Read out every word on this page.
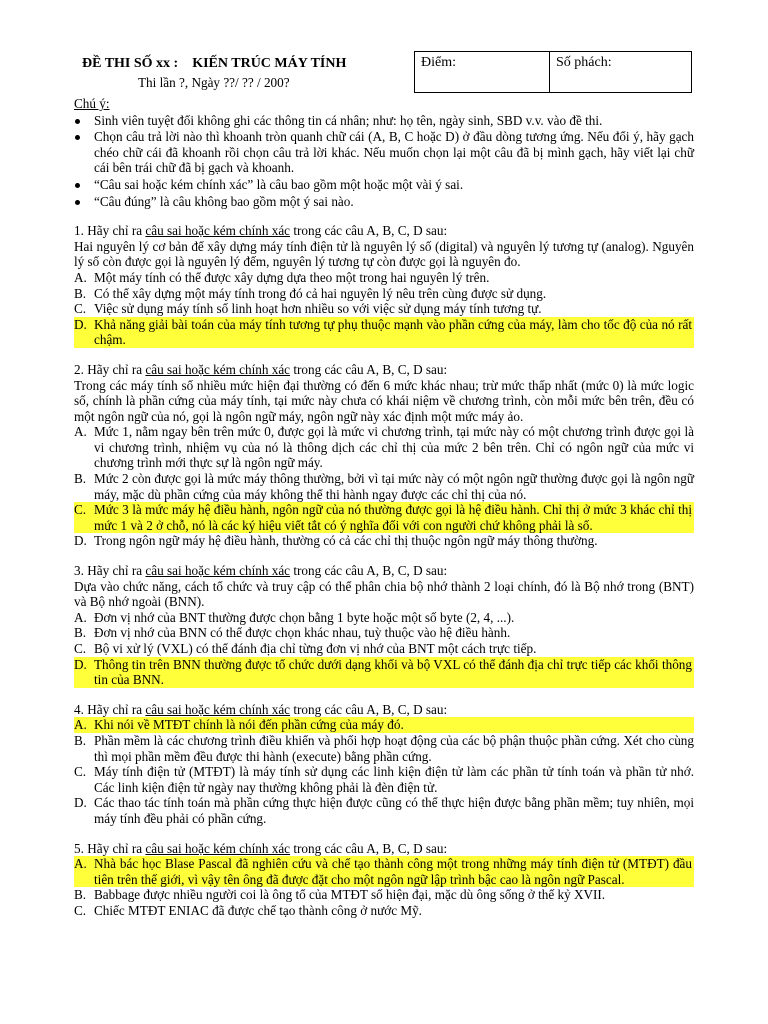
ĐỀ THI SỐ xx :    KIẾN TRÚC MÁY TÍNH
Thi lần ?, Ngày ??/ ?? / 200?
Điểm:	Số phách:
Chú ý:
Sinh viên tuyệt đối không ghi các thông tin cá nhân; như: họ tên, ngày sinh, SBD v.v. vào đề thi.
Chọn câu trả lời nào thì khoanh tròn quanh chữ cái (A, B, C hoặc D) ở đầu dòng tương ứng. Nếu đổi ý, hãy gạch chéo chữ cái đã khoanh rồi chọn câu trả lời khác. Nếu muốn chọn lại một câu đã bị mình gạch, hãy viết lại chữ cái bên trái chữ đã bị gạch và khoanh.
“Câu sai hoặc kém chính xác” là câu bao gồm một hoặc một vài ý sai.
“Câu đúng” là câu không bao gồm một ý sai nào.
1. Hãy chỉ ra câu sai hoặc kém chính xác trong các câu A, B, C, D sau:
Hai nguyên lý cơ bản để xây dựng máy tính điện tử là nguyên lý số (digital) và nguyên lý tương tự (analog). Nguyên lý số còn được gọi là nguyên lý đếm, nguyên lý tương tự còn được gọi là nguyên đo.
A. Một máy tính có thể được xây dựng dựa theo một trong hai nguyên lý trên.
B. Có thể xây dựng một máy tính trong đó cả hai nguyên lý nêu trên cùng được sử dụng.
C. Việc sử dụng máy tính số linh hoạt hơn nhiều so với việc sử dụng máy tính tương tự.
D. Khả năng giải bài toán của máy tính tương tự phụ thuộc mạnh vào phần cứng của máy, làm cho tốc độ của nó rất chậm.
2. Hãy chỉ ra câu sai hoặc kém chính xác trong các câu A, B, C, D sau:
Trong các máy tính số nhiều mức hiện đại thường có đến 6 mức khác nhau; trừ mức thấp nhất (mức 0) là mức logic số, chính là phần cứng của máy tính, tại mức này chưa có khái niệm về chương trình, còn mỗi mức bên trên, đều có một ngôn ngữ của nó, gọi là ngôn ngữ máy, ngôn ngữ này xác định một mức máy ảo.
A. Mức 1, nằm ngay bên trên mức 0, được gọi là mức vi chương trình, tại mức này có một chương trình được gọi là vi chương trình, nhiệm vụ của nó là thông dịch các chỉ thị của mức 2 bên trên. Chỉ có ngôn ngữ của mức vi chương trình mới thực sự là ngôn ngữ máy.
B. Mức 2 còn được gọi là mức máy thông thường, bởi vì tại mức này có một ngôn ngữ thường được gọi là ngôn ngữ máy, mặc dù phần cứng của máy không thể thi hành ngay được các chỉ thị của nó.
C. Mức 3 là mức máy hệ điều hành, ngôn ngữ của nó thường được gọi là hệ điều hành. Chỉ thị ở mức 3 khác chỉ thị mức 1 và 2 ở chỗ, nó là các ký hiệu viết tắt có ý nghĩa đối với con người chứ không phải là số.
D. Trong ngôn ngữ máy hệ điều hành, thường có cả các chỉ thị thuộc ngôn ngữ máy thông thường.
3. Hãy chỉ ra câu sai hoặc kém chính xác trong các câu A, B, C, D sau:
Dựa vào chức năng, cách tổ chức và truy cập có thể phân chia bộ nhớ thành 2 loại chính, đó là Bộ nhớ trong (BNT) và Bộ nhớ ngoài (BNN).
A. Đơn vị nhớ của BNT thường được chọn bằng 1 byte hoặc một số byte (2, 4, ...).
B. Đơn vị nhớ của BNN có thể được chọn khác nhau, tuỳ thuộc vào hệ điều hành.
C. Bộ vi xử lý (VXL) có thể đánh địa chỉ từng đơn vị nhớ của BNT một cách trực tiếp.
D. Thông tin trên BNN thường được tổ chức dưới dạng khối và bộ VXL có thể đánh địa chỉ trực tiếp các khối thông tin của BNN.
4. Hãy chỉ ra câu sai hoặc kém chính xác trong các câu A, B, C, D sau:
A. Khi nói về MTĐT chính là nói đến phần cứng của máy đó.
B. Phần mềm là các chương trình điều khiển và phối hợp hoạt động của các bộ phận thuộc phần cứng. Xét cho cùng thì mọi phần mềm đều được thi hành (execute) bằng phần cứng.
C. Máy tính điện tử (MTĐT) là máy tính sử dụng các linh kiện điện tử làm các phần tử tính toán và phần tử nhớ. Các linh kiện điện tử ngày nay thường không phải là đèn điện tử.
D. Các thao tác tính toán mà phần cứng thực hiện được cũng có thể thực hiện được bằng phần mềm; tuy nhiên, mọi máy tính đều phải có phần cứng.
5. Hãy chỉ ra câu sai hoặc kém chính xác trong các câu A, B, C, D sau:
A. Nhà bác học Blase Pascal đã nghiên cứu và chế tạo thành công một trong những máy tính điện tử (MTĐT) đầu tiên trên thế giới, vì vậy tên ông đã được đặt cho một ngôn ngữ lập trình bậc cao là ngôn ngữ Pascal.
B. Babbage được nhiều người coi là ông tổ của MTĐT số hiện đại, mặc dù ông sống ở thế kỷ XVII.
C. Chiếc MTĐT ENIAC đã được chế tạo thành công ở nước Mỹ.
